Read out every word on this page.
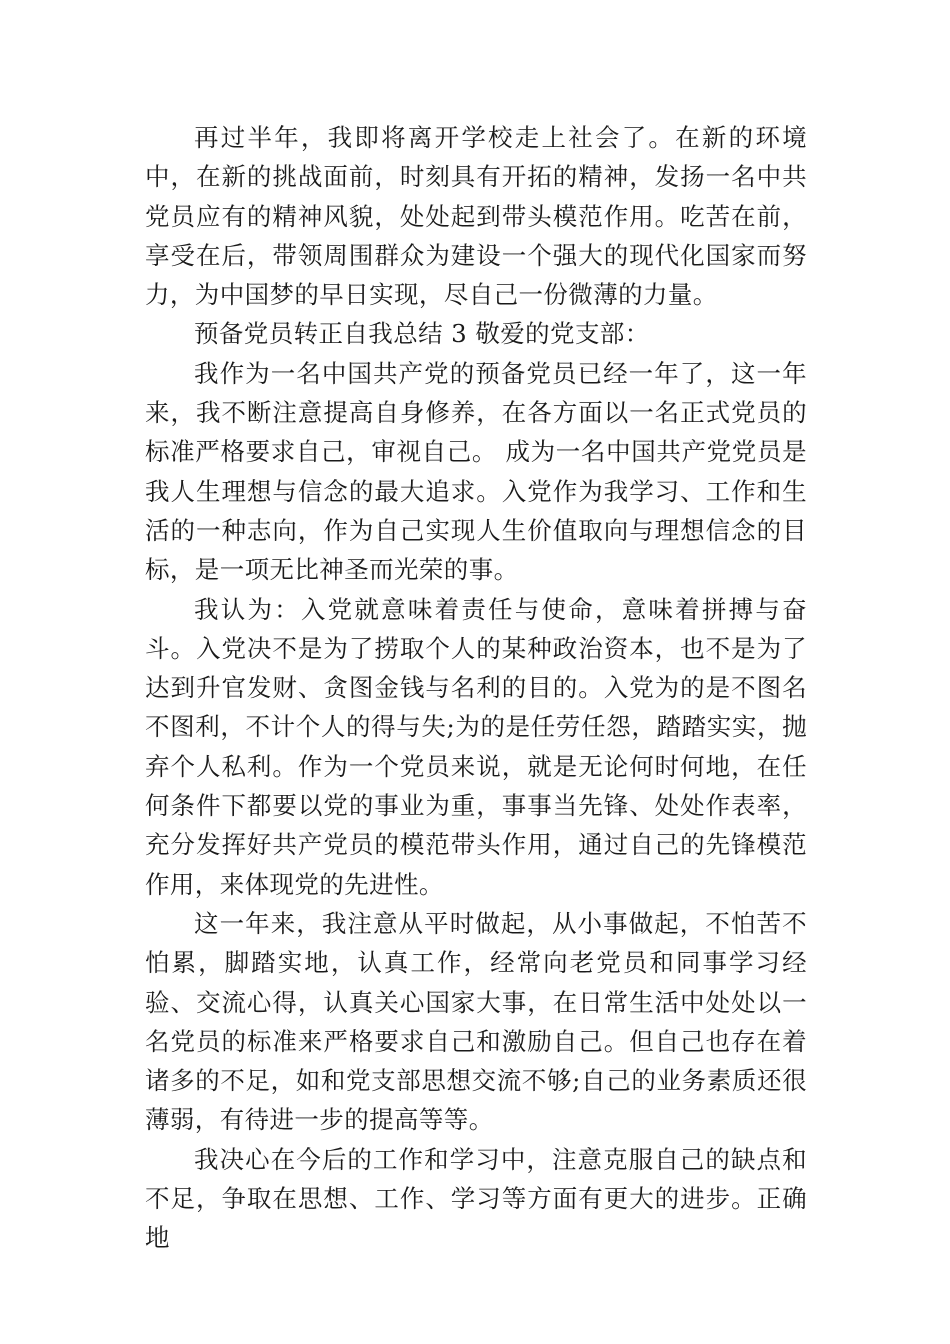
再过半年，我即将离开学校走上社会了。在新的环境中，在新的挑战面前，时刻具有开拓的精神，发扬一名中共党员应有的精神风貌，处处起到带头模范作用。吃苦在前，享受在后，带领周围群众为建设一个强大的现代化国家而努力，为中国梦的早日实现，尽自己一份微薄的力量。

预备党员转正自我总结 3 敬爱的党支部：

我作为一名中国共产党的预备党员已经一年了，这一年来，我不断注意提高自身修养，在各方面以一名正式党员的标准严格要求自己，审视自己。 成为一名中国共产党党员是我人生理想与信念的最大追求。入党作为我学习、工作和生活的一种志向，作为自己实现人生价值取向与理想信念的目标，是一项无比神圣而光荣的事。

我认为：入党就意味着责任与使命，意味着拼搏与奋斗。入党决不是为了捞取个人的某种政治资本，也不是为了达到升官发财、贪图金钱与名利的目的。入党为的是不图名不图利，不计个人的得与失;为的是任劳任怨，踏踏实实，抛弃个人私利。作为一个党员来说，就是无论何时何地，在任何条件下都要以党的事业为重，事事当先锋、处处作表率，充分发挥好共产党员的模范带头作用，通过自己的先锋模范作用，来体现党的先进性。

这一年来，我注意从平时做起，从小事做起，不怕苦不怕累，脚踏实地，认真工作，经常向老党员和同事学习经验、交流心得，认真关心国家大事，在日常生活中处处以一名党员的标准来严格要求自己和激励自己。但自己也存在着诸多的不足，如和党支部思想交流不够;自己的业务素质还很薄弱，有待进一步的提高等等。

我决心在今后的工作和学习中，注意克服自己的缺点和不足，争取在思想、工作、学习等方面有更大的进步。正确地
